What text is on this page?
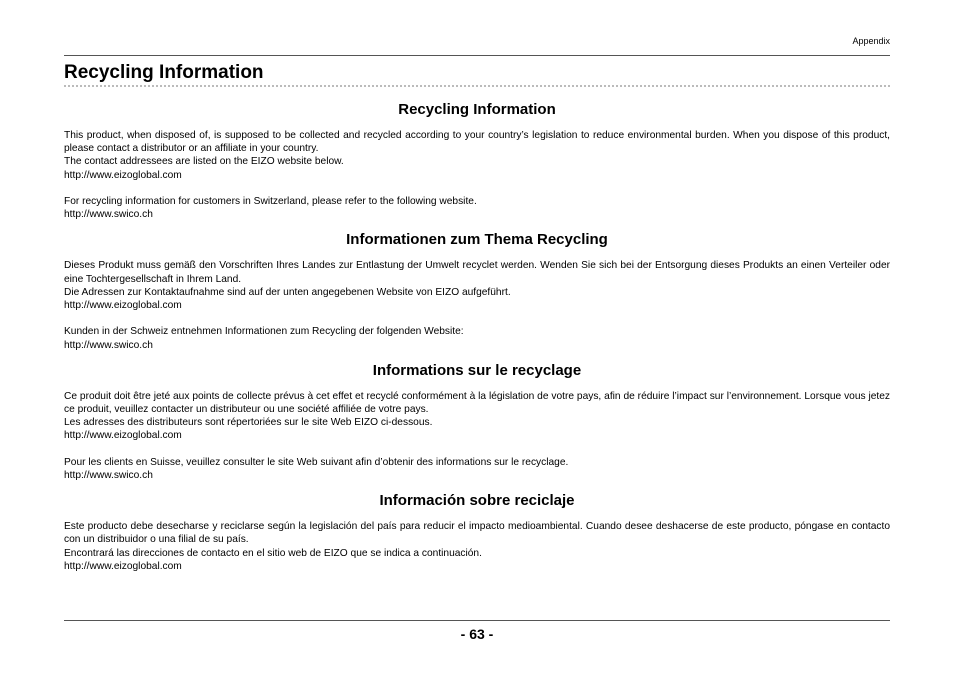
Appendix
Recycling Information
Recycling Information

This product, when disposed of, is supposed to be collected and recycled according to your country’s legislation to reduce environmental burden. When you dispose of this product, please contact a distributor or an affiliate in your country.

The contact addressees are listed on the EIZO website below.

http://www.eizoglobal.com

For recycling information for customers in Switzerland, please refer to the following website.

http://www.swico.ch

Informationen zum Thema Recycling

Dieses Produkt muss gemäß den Vorschriften Ihres Landes zur Entlastung der Umwelt recyclet werden. Wenden Sie sich bei der Entsorgung dieses Produkts an einen Verteiler oder eine Tochtergesellschaft in Ihrem Land.

Die Adressen zur Kontaktaufnahme sind auf der unten angegebenen Website von EIZO aufgeführt.

http://www.eizoglobal.com

Kunden in der Schweiz entnehmen Informationen zum Recycling der folgenden Website:

http://www.swico.ch

Informations sur le recyclage

Ce produit doit être jeté aux points de collecte prévus à cet effet et recyclé conformément à la législation de votre pays, afin de réduire l’impact sur l’environnement. Lorsque vous jetez ce produit, veuillez contacter un distributeur ou une société affiliée de votre pays.

Les adresses des distributeurs sont répertoriées sur le site Web EIZO ci-dessous.

http://www.eizoglobal.com

Pour les clients en Suisse, veuillez consulter le site Web suivant afin d’obtenir des informations sur le recyclage.

http://www.swico.ch

Información sobre reciclaje

Este producto debe desecharse y reciclarse según la legislación del país para reducir el impacto medioambiental. Cuando desee deshacerse de este producto, póngase en contacto con un distribuidor o una filial de su país.

Encontrará las direcciones de contacto en el sitio web de EIZO que se indica a continuación.

http://www.eizoglobal.com

- 63 -
